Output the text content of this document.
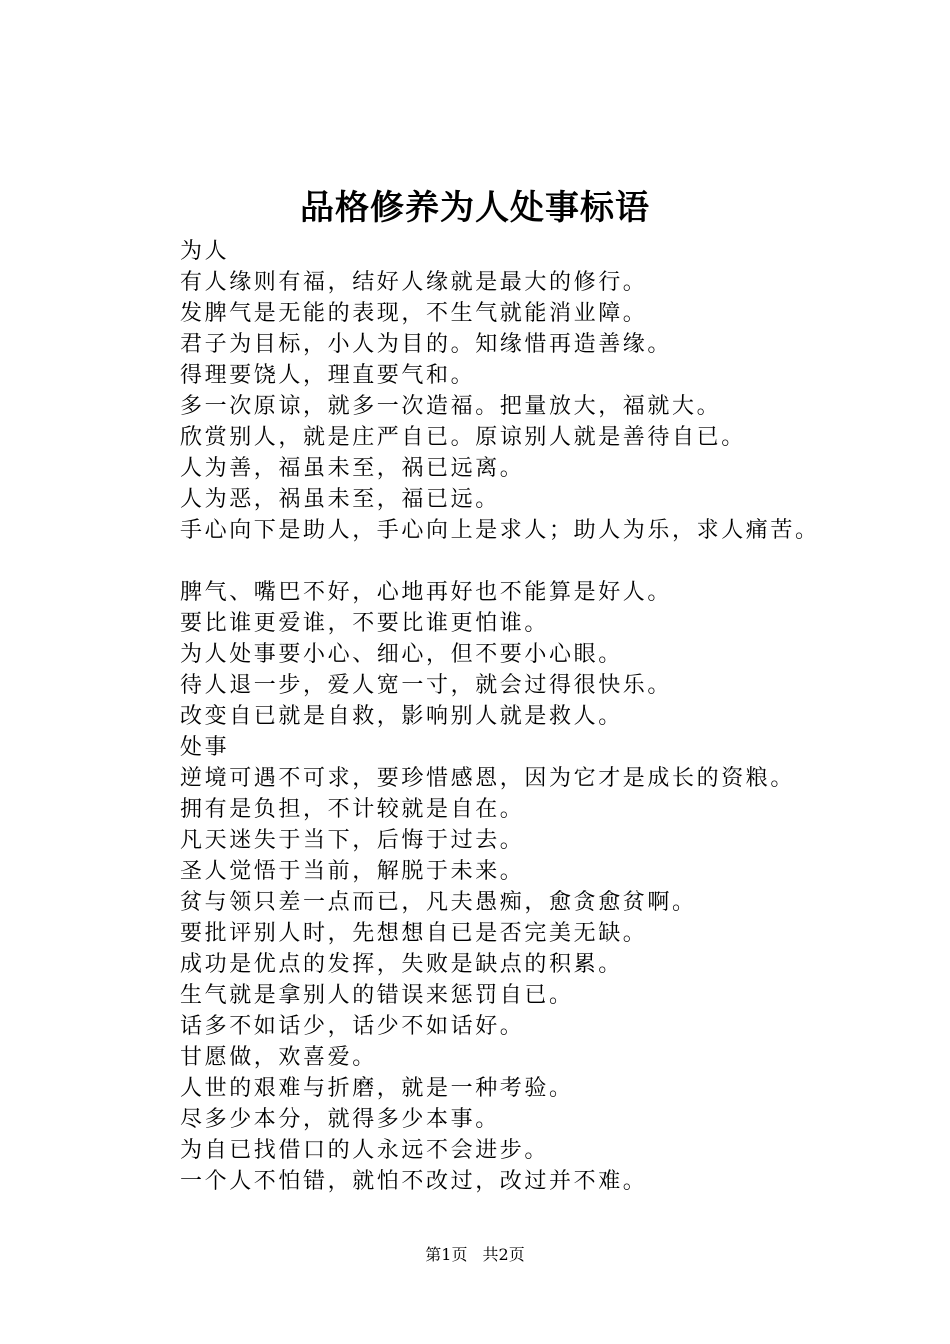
品格修养为人处事标语
为人
有人缘则有福，结好人缘就是最大的修行。
发脾气是无能的表现，不生气就能消业障。
君子为目标，小人为目的。知缘惜再造善缘。
得理要饶人，理直要气和。
多一次原谅，就多一次造福。把量放大，福就大。
欣赏别人，就是庄严自已。原谅别人就是善待自已。
人为善，福虽未至，祸已远离。
人为恶，祸虽未至，福已远。
手心向下是助人，手心向上是求人；助人为乐，求人痛苦。
脾气、嘴巴不好，心地再好也不能算是好人。
要比谁更爱谁，不要比谁更怕谁。
为人处事要小心、细心，但不要小心眼。
待人退一步，爱人宽一寸，就会过得很快乐。
改变自已就是自救，影响别人就是救人。
处事
逆境可遇不可求，要珍惜感恩，因为它才是成长的资粮。
拥有是负担，不计较就是自在。
凡天迷失于当下，后悔于过去。
圣人觉悟于当前，解脱于未来。
贫与领只差一点而已，凡夫愚痴，愈贪愈贫啊。
要批评别人时，先想想自已是否完美无缺。
成功是优点的发挥，失败是缺点的积累。
生气就是拿别人的错误来惩罚自已。
话多不如话少，话少不如话好。
甘愿做，欢喜爱。
人世的艰难与折磨，就是一种考验。
尽多少本分，就得多少本事。
为自已找借口的人永远不会进步。
一个人不怕错，就怕不改过，改过并不难。
第1页 共2页
